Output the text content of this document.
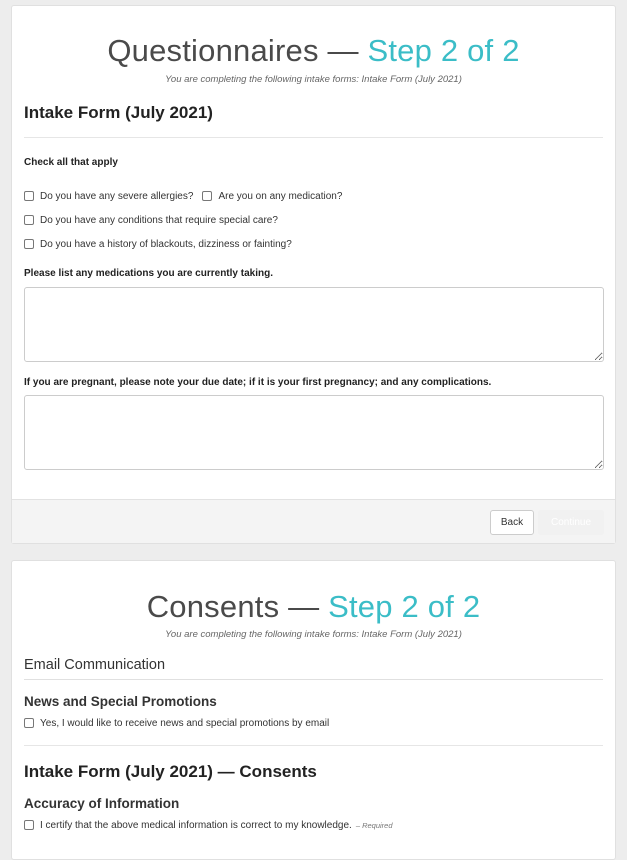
Questionnaires — Step 2 of 2
You are completing the following intake forms: Intake Form (July 2021)
Intake Form (July 2021)
Check all that apply
Do you have any severe allergies?	Are you on any medication?
Do you have any conditions that require special care?
Do you have a history of blackouts, dizziness or fainting?
Please list any medications you are currently taking.
If you are pregnant, please note your due date; if it is your first pregnancy; and any complications.
Back	Continue
Consents — Step 2 of 2
You are completing the following intake forms: Intake Form (July 2021)
Email Communication
News and Special Promotions
Yes, I would like to receive news and special promotions by email
Intake Form (July 2021) — Consents
Accuracy of Information
I certify that the above medical information is correct to my knowledge. – Required
